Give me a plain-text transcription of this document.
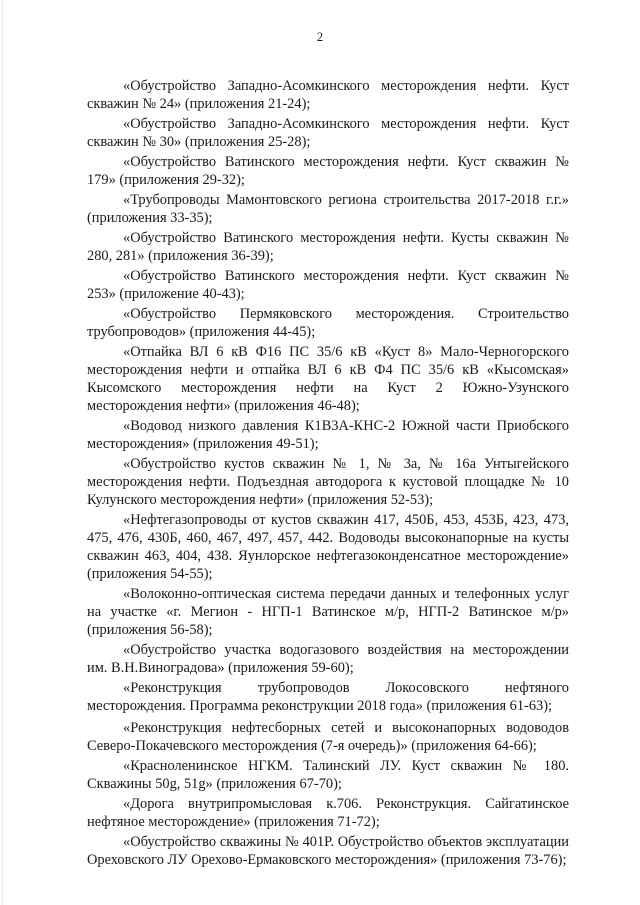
2

«Обустройство Западно-Асомкинского месторождения нефти. Куст скважин № 24» (приложения 21-24);

«Обустройство Западно-Асомкинского месторождения нефти. Куст скважин № 30» (приложения 25-28);

«Обустройство Ватинского месторождения нефти. Куст скважин № 179» (приложения 29-32);

«Трубопроводы Мамонтовского региона строительства 2017-2018 г.г.» (приложения 33-35);

«Обустройство Ватинского месторождения нефти. Кусты скважин № 280, 281» (приложения 36-39);

«Обустройство Ватинского месторождения нефти. Куст скважин № 253» (приложение 40-43);

«Обустройство Пермяковского месторождения. Строительство трубопроводов» (приложения 44-45);

«Отпайка ВЛ 6 кВ Ф16 ПС 35/6 кВ «Куст 8» Мало-Черногорского месторождения нефти и отпайка ВЛ 6 кВ Ф4 ПС 35/6 кВ «Кысомская» Кысомского месторождения нефти на Куст 2 Южно-Узунского месторождения нефти» (приложения 46-48);

«Водовод низкого давления К1В3А-КНС-2 Южной части Приобского месторождения» (приложения 49-51);

«Обустройство кустов скважин № 1, № 3а, № 16а Унтыгейского месторождения нефти. Подъездная автодорога к кустовой площадке № 10 Кулунского месторождения нефти» (приложения 52-53);

«Нефтегазопроводы от кустов скважин 417, 450Б, 453, 453Б, 423, 473, 475, 476, 430Б, 460, 467, 497, 457, 442. Водоводы высоконапорные на кусты скважин 463, 404, 438. Яунлорское нефтегазоконденсатное месторождение» (приложения 54-55);

«Волоконно-оптическая система передачи данных и телефонных услуг на участке «г. Мегион - НГП-1 Ватинское м/р, НГП-2 Ватинское м/р» (приложения 56-58);

«Обустройство участка водогазового воздействия на месторождении им. В.Н.Виноградова» (приложения 59-60);

«Реконструкция трубопроводов Локосовского нефтяного месторождения. Программа реконструкции 2018 года» (приложения 61-63);

«Реконструкция нефтесборных сетей и высоконапорных водоводов Северо-Покачевского месторождения (7-я очередь)» (приложения 64-66);

«Красноленинское НГКМ. Талинский ЛУ. Куст скважин № 180. Скважины 50g, 51g» (приложения 67-70);

«Дорога внутрипромысловая к.706. Реконструкция. Сайгатинское нефтяное месторождение» (приложения 71-72);

«Обустройство скважины № 401Р. Обустройство объектов эксплуатации Ореховского ЛУ Орехово-Ермаковского месторождения» (приложения 73-76);
